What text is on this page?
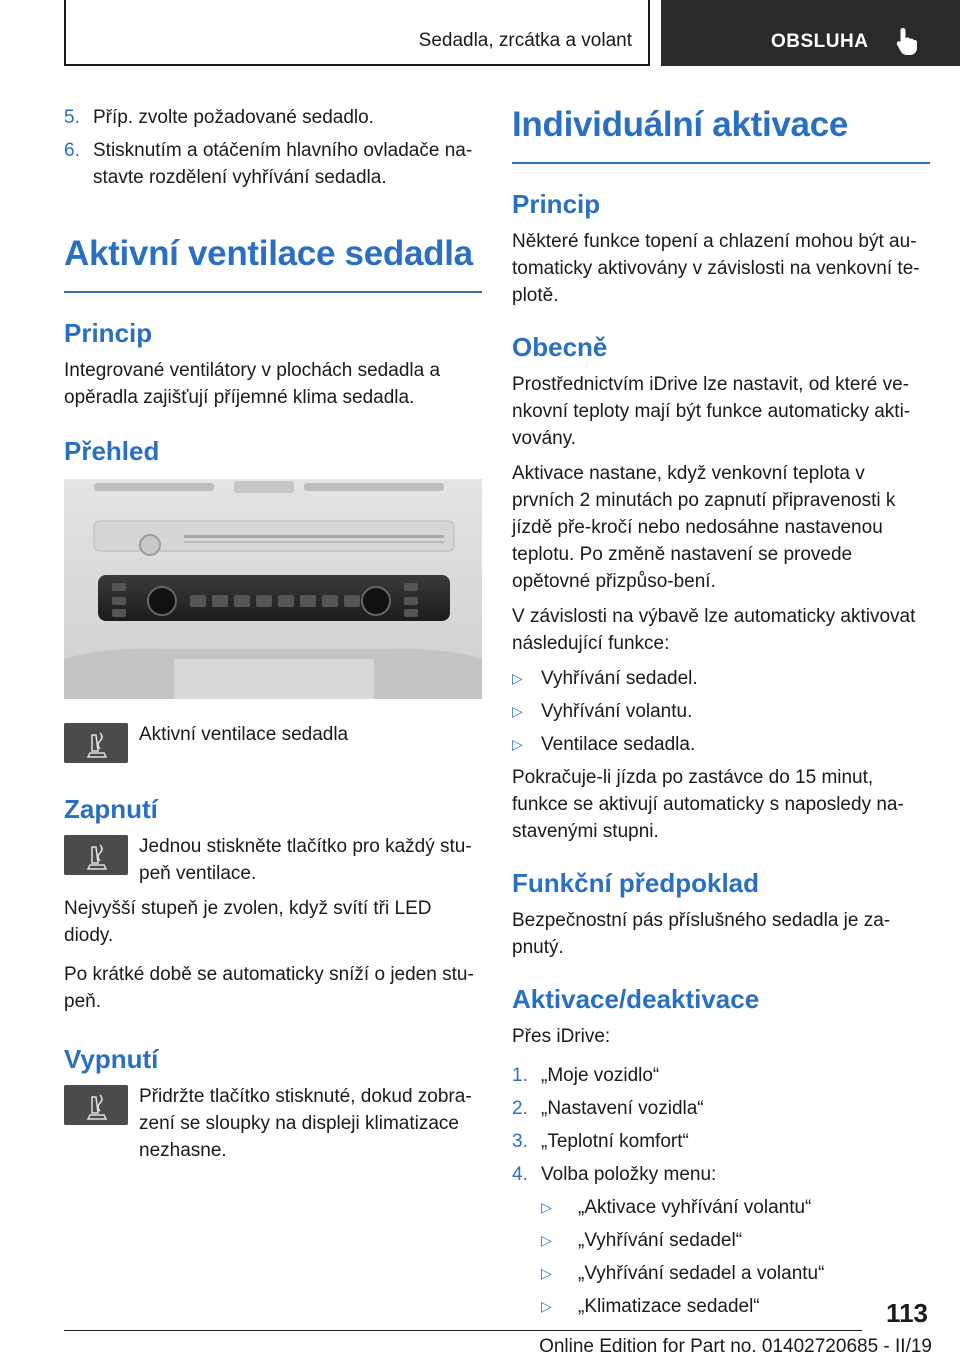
Sedadla, zrcátka a volant	OBSLUHA
5. Příp. zvolte požadované sedadlo.
6. Stisknutím a otáčením hlavního ovladače na‐stavte rozdělení vyhřívání sedadla.
Aktivní ventilace sedadla
Princip

Integrované ventilátory v plochách sedadla a opěradla zajišťují příjemné klima sedadla.

Přehled

Aktivní ventilace sedadla

Zapnutí

Jednou stiskněte tlačítko pro každý stu‐peň ventilace.

Nejvyšší stupeň je zvolen, když svítí tři LED diody.

Po krátké době se automaticky sníží o jeden stu‐peň.

Vypnutí

Přidržte tlačítko stisknuté, dokud zobra‐zení se sloupky na displeji klimatizace nezhasne.

Individuální aktivace
Princip

Některé funkce topení a chlazení mohou být au‐tomaticky aktivovány v závislosti na venkovní te‐plotě.

Obecně

Prostřednictvím iDrive lze nastavit, od které ve‐nkovní teploty mají být funkce automaticky akti‐vovány.

Aktivace nastane, když venkovní teplota v prvních 2 minutách po zapnutí připravenosti k jízdě pře‐kročí nebo nedosáhne nastavenou teplotu. Po změně nastavení se provede opětovné přizpůso‐bení.

V závislosti na výbavě lze automaticky aktivovat následující funkce:

▷ Vyhřívání sedadel.
▷ Vyhřívání volantu.
▷ Ventilace sedadla.

Pokračuje-li jízda po zastávce do 15 minut, funkce se aktivují automaticky s naposledy na‐stavenými stupni.

Funkční předpoklad

Bezpečnostní pás příslušného sedadla je za‐pnutý.

Aktivace/deaktivace

Přes iDrive:

1. „Moje vozidlo“
2. „Nastavení vozidla“
3. „Teplotní komfort“
4. Volba položky menu:
▷ „Aktivace vyhřívání volantu“
▷ „Vyhřívání sedadel“
▷ „Vyhřívání sedadel a volantu“
▷ „Klimatizace sedadel“	113
Online Edition for Part no. 01402720685 - II/19
